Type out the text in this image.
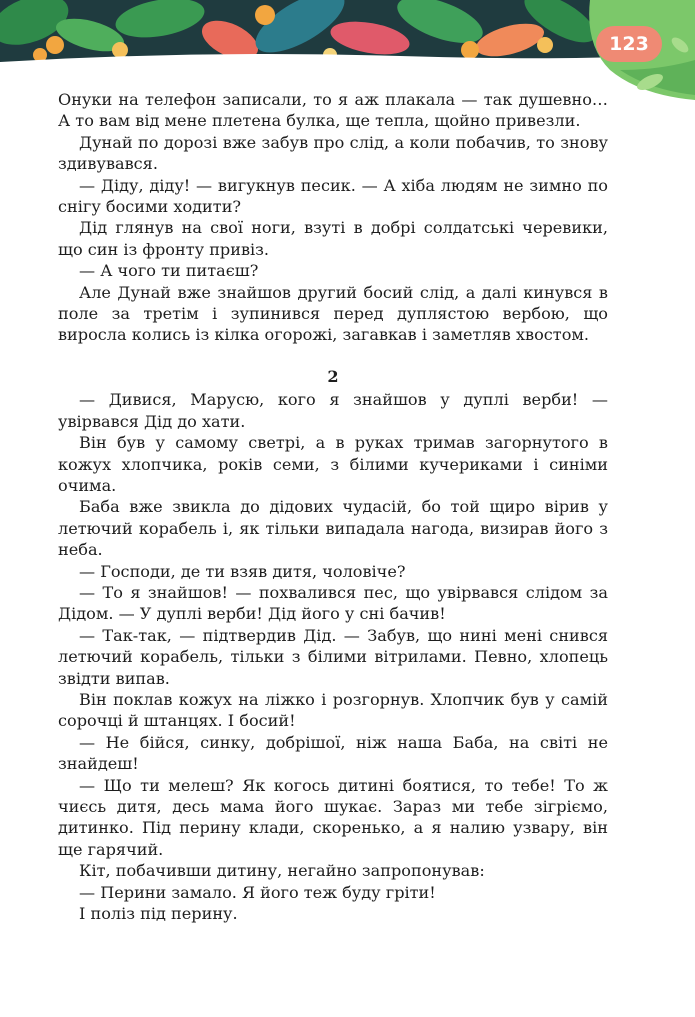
123

Онуки на телефон записали, то я аж плакала — так душевно… А то вам від мене плетена булка, ще тепла, щойно привезли.

Дунай по дорозі вже забув про слід, а коли побачив, то знову здивувався.

— Діду, діду! — вигукнув песик. — А хіба людям не зимно по снігу босими ходити?

Дід глянув на свої ноги, взуті в добрі солдатські черевики, що син із фронту привіз.

— А чого ти питаєш?

Але Дунай вже знайшов другий босий слід, а далі кинувся в поле за третім і зупинився перед дуплястою вербою, що виросла колись із кілка огорожі, загавкав і заметляв хвостом.

2

— Дивися, Марусю, кого я знайшов у дуплі верби! — увірвався Дід до хати.

Він був у самому светрі, а в руках тримав загорнутого в кожух хлопчика, років семи, з білими кучериками і синіми очима.

Баба вже звикла до дідових чудасій, бо той щиро вірив у летючий корабель і, як тільки випадала нагода, визирав його з неба.

— Господи, де ти взяв дитя, чоловіче?

— То я знайшов! — похвалився пес, що увірвався слідом за Дідом. — У дуплі верби! Дід його у сні бачив!

— Так-так, — підтвердив Дід. — Забув, що нині мені снився летючий корабель, тільки з білими вітрилами. Певно, хлопець звідти випав.

Він поклав кожух на ліжко і розгорнув. Хлопчик був у самій сорочці й штанцях. І босий!

— Не бійся, синку, добрішої, ніж наша Баба, на світі не знайдеш!

— Що ти мелеш? Як когось дитині боятися, то тебе! То ж чиєсь дитя, десь мама його шукає. Зараз ми тебе зігріємо, дитинко. Під перину клади, скоренько, а я налию узвару, він ще гарячий.

Кіт, побачивши дитину, негайно запропонував:

— Перини замало. Я його теж буду гріти!

І поліз під перину.
